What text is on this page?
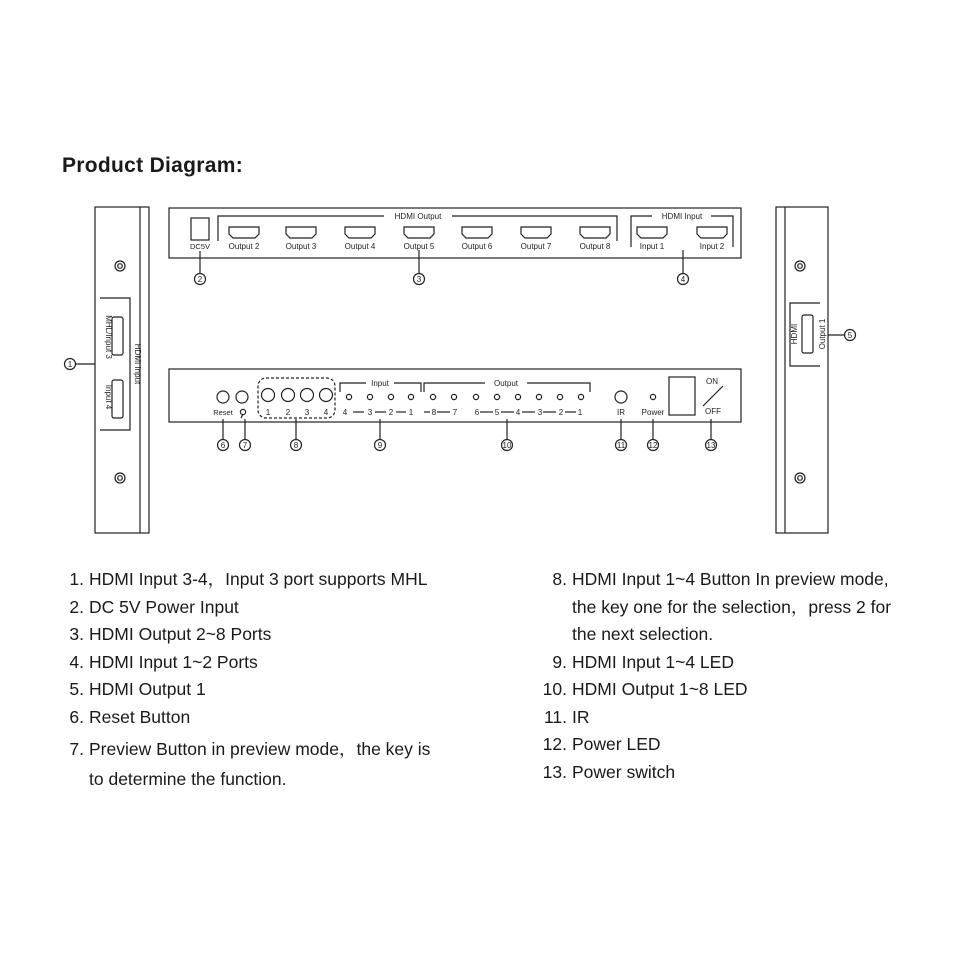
Product Diagram:
HDMI Input
MHL/Input 3
Input 4
1
HDMI Output 1	5
DC5V
HDMI Output
Output 2	Output 3	Output 4	Output 5	Output 6	Output 7	Output 8
HDMI Input
Input 1	Input 2
2	3	4
Reset	1 2 3 4
Input
4	3 2 1
Output
8 7 6 5 4 3 2 1	IR Power
ON
OFF
6 7	8	9	10	11	12	13
1. HDMI Input 3-4，Input 3 port supports MHL
2. DC 5V Power Input
3. HDMI Output 2~8 Ports
4. HDMI Input 1~2 Ports
5. HDMI Output 1
6. Reset Button
7. Preview Button in preview mode，the key is
to determine the function.
8. HDMI Input 1~4 Button In preview mode,
the key one for the selection，press 2 for
the next selection.
9. HDMI Input 1~4 LED
10. HDMI Output 1~8 LED
11. IR
12. Power LED
13. Power switch
